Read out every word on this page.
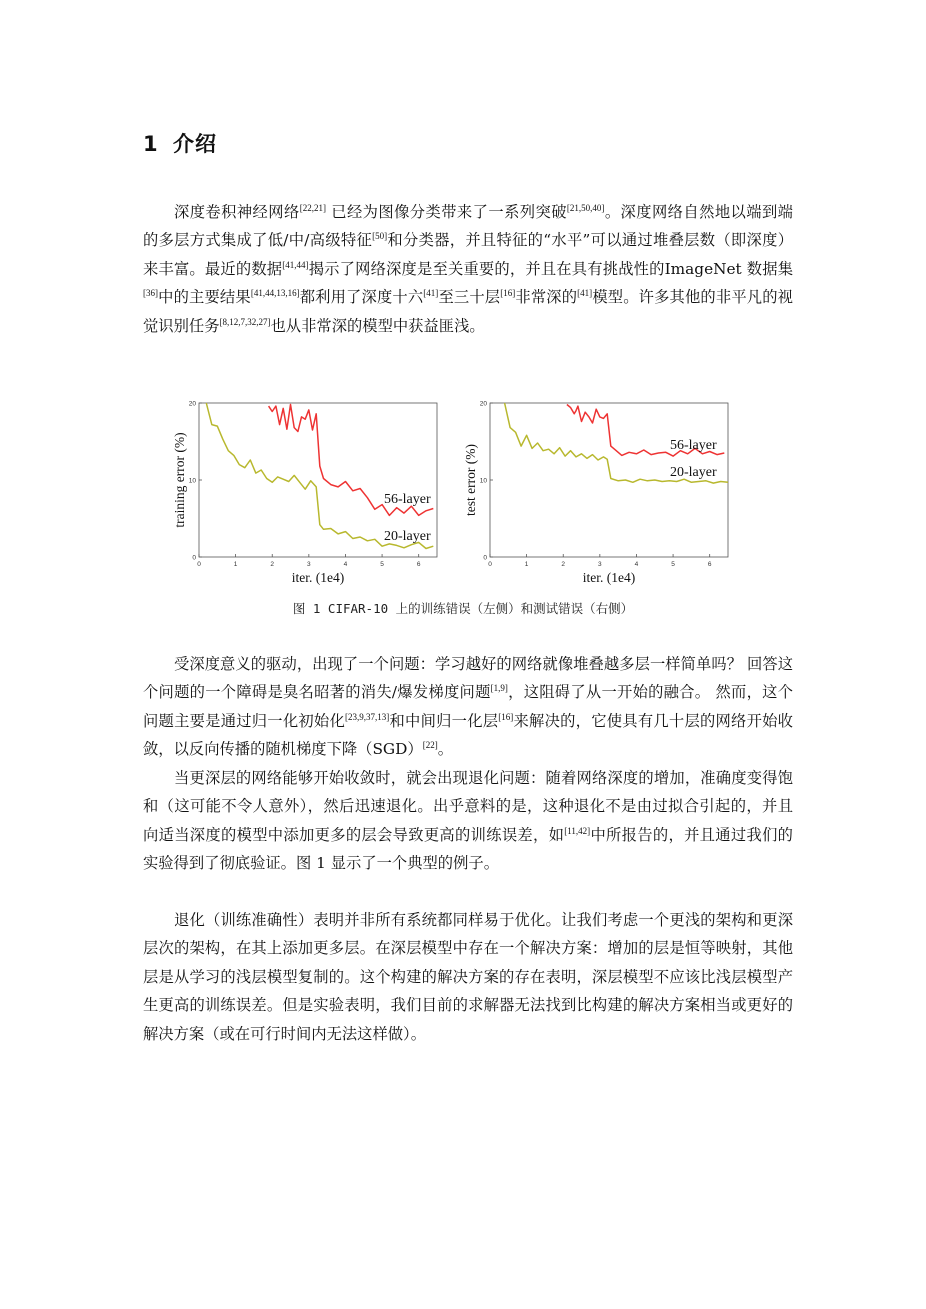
1 介绍

深度卷积神经网络[22,21] 已经为图像分类带来了一系列突破[21,50,40]。深度网络自然地以端到端的多层方式集成了低/中/高级特征[50]和分类器，并且特征的“水平”可以通过堆叠层数（即深度）来丰富。最近的数据[41,44]揭示了网络深度是至关重要的，并且在具有挑战性的ImageNet 数据集[36]中的主要结果[41,44,13,16]都利用了深度十六[41]至三十层[16]非常深的[41]模型。许多其他的非平凡的视觉识别任务[8,12,7,32,27]也从非常深的模型中获益匪浅。

0	1	2	3	4	5	6
0
10
20
iter. (1e4)
training error (%)	56-layer
20-layer
0	1	2	3	4	5	6
0
10
20
iter. (1e4)
test error (%)	56-layer
20-layer
图 1 CIFAR-10 上的训练错误（左侧）和测试错误（右侧）

受深度意义的驱动，出现了一个问题：学习越好的网络就像堆叠越多层一样简单吗？ 回答这个问题的一个障碍是臭名昭著的消失/爆发梯度问题[1,9]，这阻碍了从一开始的融合。 然而，这个问题主要是通过归一化初始化[23,9,37,13]和中间归一化层[16]来解决的，它使具有几十层的网络开始收敛，以反向传播的随机梯度下降（SGD）[22]。

当更深层的网络能够开始收敛时，就会出现退化问题：随着网络深度的增加，准确度变得饱和（这可能不令人意外），然后迅速退化。出乎意料的是，这种退化不是由过拟合引起的，并且向适当深度的模型中添加更多的层会导致更高的训练误差，如[11,42]中所报告的，并且通过我们的实验得到了彻底验证。图 1 显示了一个典型的例子。

退化（训练准确性）表明并非所有系统都同样易于优化。让我们考虑一个更浅的架构和更深层次的架构，在其上添加更多层。在深层模型中存在一个解决方案：增加的层是恒等映射，其他层是从学习的浅层模型复制的。这个构建的解决方案的存在表明，深层模型不应该比浅层模型产生更高的训练误差。但是实验表明，我们目前的求解器无法找到比构建的解决方案相当或更好的解决方案（或在可行时间内无法这样做）。
